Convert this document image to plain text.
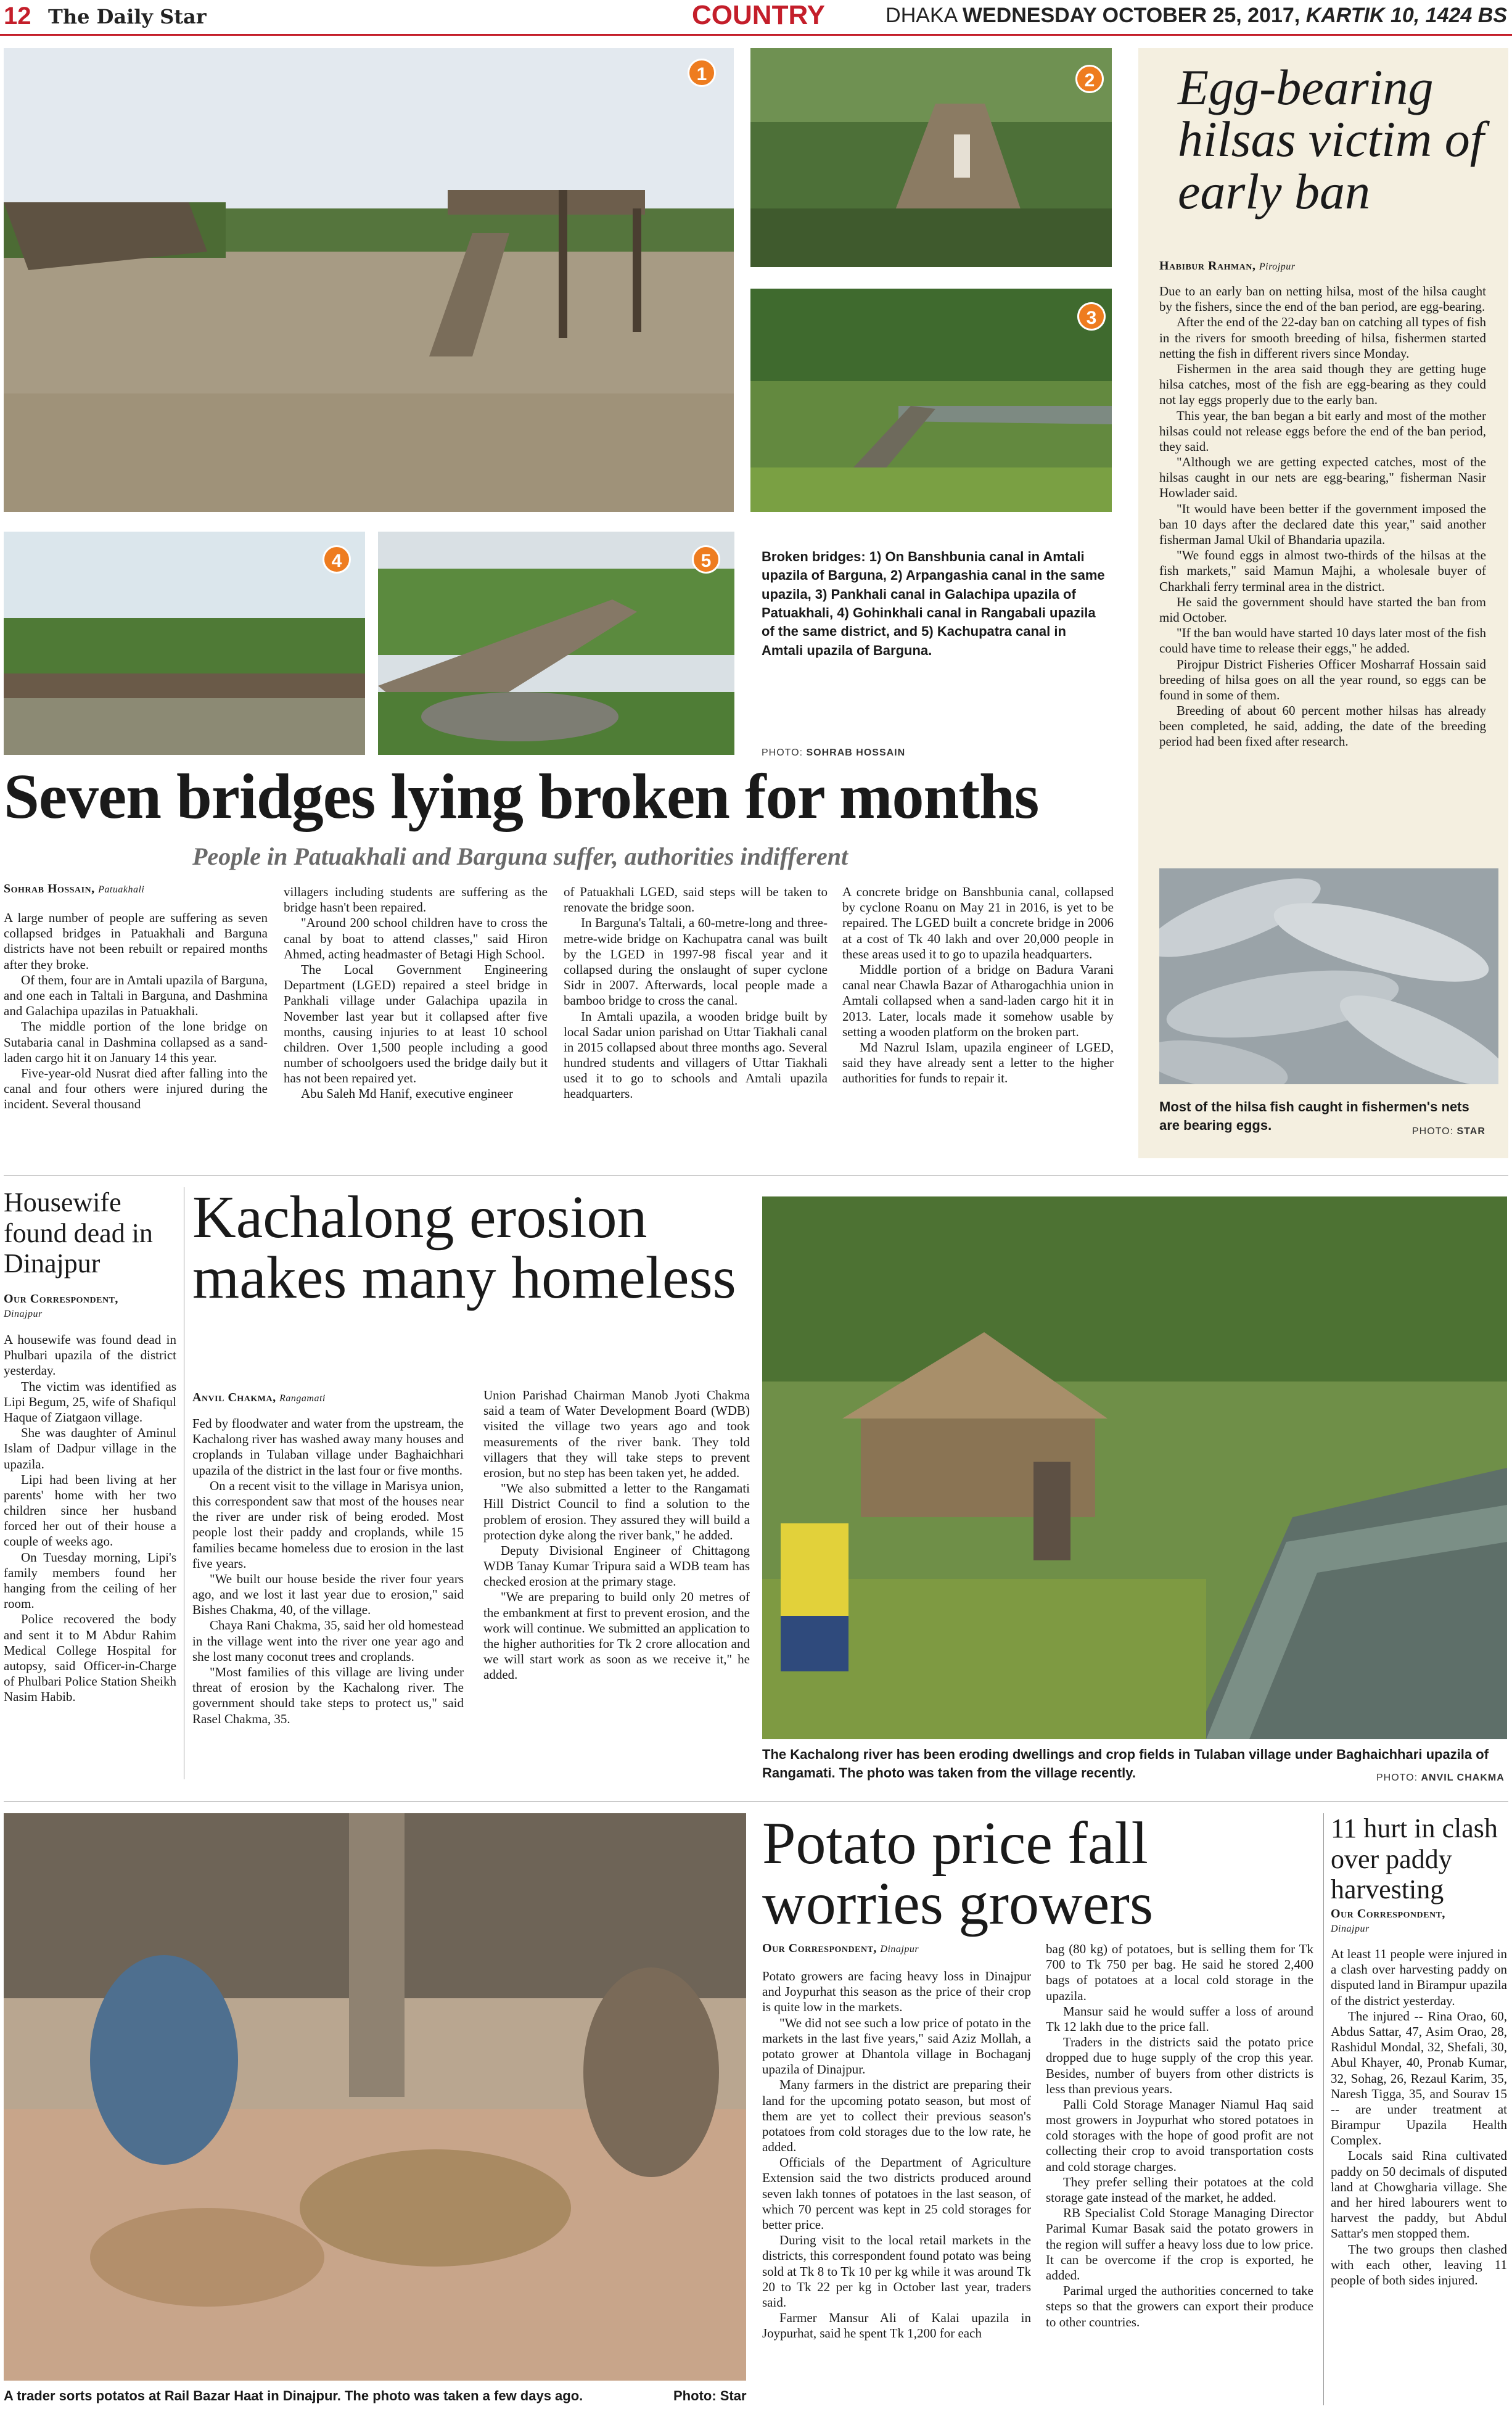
12 The Daily Star	COUNTRY	DHAKA WEDNESDAY OCTOBER 25, 2017, KARTIK 10, 1424 BS
1	2
3
4	5	Broken bridges: 1) On Banshbunia canal in Amtali upazila of Barguna, 2) Arpangashia canal in the same upazila, 3) Pankhali canal in Galachipa upazila of Patuakhali, 4) Gohinkhali canal in Rangabali upazila of the same district, and 5) Kachupatra canal in Amtali upazila of Barguna.
PHOTO: SOHRAB HOSSAIN
Seven bridges lying broken for months
People in Patuakhali and Barguna suffer, authorities indifferent
Sohrab Hossain, Patuakhali

A large number of people are suffering as seven collapsed bridges in Patuakhali and Barguna districts have not been rebuilt or repaired months after they broke.

Of them, four are in Amtali upazila of Barguna, and one each in Taltali in Barguna, and Dashmina and Galachipa upazilas in Patuakhali.

The middle portion of the lone bridge on Sutabaria canal in Dashmina collapsed as a sand-laden cargo hit it on January 14 this year.

Five-year-old Nusrat died after falling into the canal and four others were injured during the incident. Several thousand

villagers including students are suffering as the bridge hasn't been repaired.

"Around 200 school children have to cross the canal by boat to attend classes," said Hiron Ahmed, acting headmaster of Betagi High School.

The Local Government Engineering Department (LGED) repaired a steel bridge in Pankhali village under Galachipa upazila in November last year but it collapsed after five months, causing injuries to at least 10 school children. Over 1,500 people including a good number of schoolgoers used the bridge daily but it has not been repaired yet.

Abu Saleh Md Hanif, executive engineer

of Patuakhali LGED, said steps will be taken to renovate the bridge soon.

In Barguna's Taltali, a 60-metre-long and three-metre-wide bridge on Kachupatra canal was built by the LGED in 1997-98 fiscal year and it collapsed during the onslaught of super cyclone Sidr in 2007. Afterwards, local people made a bamboo bridge to cross the canal.

In Amtali upazila, a wooden bridge built by local Sadar union parishad on Uttar Tiakhali canal in 2015 collapsed about three months ago. Several hundred students and villagers of Uttar Tiakhali used it to go to schools and Amtali upazila headquarters.

A concrete bridge on Banshbunia canal, collapsed by cyclone Roanu on May 21 in 2016, is yet to be repaired. The LGED built a concrete bridge in 2006 at a cost of Tk 40 lakh and over 20,000 people in these areas used it to go to upazila headquarters.

Middle portion of a bridge on Badura Varani canal near Chawla Bazar of Atharogachhia union in Amtali collapsed when a sand-laden cargo hit it in 2013. Later, locals made it somehow usable by setting a wooden platform on the broken part.

Md Nazrul Islam, upazila engineer of LGED, said they have already sent a letter to the higher authorities for funds to repair it.

Egg-bearing hilsas victim of early ban
Habibur Rahman, Pirojpur

Due to an early ban on netting hilsa, most of the hilsa caught by the fishers, since the end of the ban period, are egg-bearing.

After the end of the 22-day ban on catching all types of fish in the rivers for smooth breeding of hilsa, fishermen started netting the fish in different rivers since Monday.

Fishermen in the area said though they are getting huge hilsa catches, most of the fish are egg-bearing as they could not lay eggs properly due to the early ban.

This year, the ban began a bit early and most of the mother hilsas could not release eggs before the end of the ban period, they said.

"Although we are getting expected catches, most of the hilsas caught in our nets are egg-bearing," fisherman Nasir Howlader said.

"It would have been better if the government imposed the ban 10 days after the declared date this year," said another fisherman Jamal Ukil of Bhandaria upazila.

"We found eggs in almost two-thirds of the hilsas at the fish markets," said Mamun Majhi, a wholesale buyer of Charkhali ferry terminal area in the district.

He said the government should have started the ban from mid October.

"If the ban would have started 10 days later most of the fish could have time to release their eggs," he added.

Pirojpur District Fisheries Officer Mosharraf Hossain said breeding of hilsa goes on all the year round, so eggs can be found in some of them.

Breeding of about 60 percent mother hilsas has already been completed, he said, adding, the date of the breeding period had been fixed after research.

Most of the hilsa fish caught in fishermen's nets are bearing eggs.	PHOTO: STAR
Housewife found dead in Dinajpur
Our Correspondent,
Dinajpur

A housewife was found dead in Phulbari upazila of the district yesterday.

The victim was identified as Lipi Begum, 25, wife of Shafiqul Haque of Ziatgaon village.

She was daughter of Aminul Islam of Dadpur village in the upazila.

Lipi had been living at her parents' home with her two children since her husband forced her out of their house a couple of weeks ago.

On Tuesday morning, Lipi's family members found her hanging from the ceiling of her room.

Police recovered the body and sent it to M Abdur Rahim Medical College Hospital for autopsy, said Officer-in-Charge of Phulbari Police Station Sheikh Nasim Habib.

Kachalong erosion makes many homeless
Anvil Chakma, Rangamati

Fed by floodwater and water from the upstream, the Kachalong river has washed away many houses and croplands in Tulaban village under Baghaichhari upazila of the district in the last four or five months.

On a recent visit to the village in Marisya union, this correspondent saw that most of the houses near the river are under risk of being eroded. Most people lost their paddy and croplands, while 15 families became homeless due to erosion in the last five years.

"We built our house beside the river four years ago, and we lost it last year due to erosion," said Bishes Chakma, 40, of the village.

Chaya Rani Chakma, 35, said her old homestead in the village went into the river one year ago and she lost many coconut trees and croplands.

"Most families of this village are living under threat of erosion by the Kachalong river. The government should take steps to protect us," said Rasel Chakma, 35.

Union Parishad Chairman Manob Jyoti Chakma said a team of Water Development Board (WDB) visited the village two years ago and took measurements of the river bank. They told villagers that they will take steps to prevent erosion, but no step has been taken yet, he added.

"We also submitted a letter to the Rangamati Hill District Council to find a solution to the problem of erosion. They assured they will build a protection dyke along the river bank," he added.

Deputy Divisional Engineer of Chittagong WDB Tanay Kumar Tripura said a WDB team has checked erosion at the primary stage.

"We are preparing to build only 20 metres of the embankment at first to prevent erosion, and the work will continue. We submitted an application to the higher authorities for Tk 2 crore allocation and we will start work as soon as we receive it," he added.

The Kachalong river has been eroding dwellings and crop fields in Tulaban village under Baghaichhari upazila of Rangamati. The photo was taken from the village recently.	PHOTO: ANVIL CHAKMA
A trader sorts potatos at Rail Bazar Haat in Dinajpur. The photo was taken a few days ago.	Photo: Star
Potato price fall worries growers
Our Correspondent, Dinajpur

Potato growers are facing heavy loss in Dinajpur and Joypurhat this season as the price of their crop is quite low in the markets.

"We did not see such a low price of potato in the markets in the last five years," said Aziz Mollah, a potato grower at Dhantola village in Bochaganj upazila of Dinajpur.

Many farmers in the district are preparing their land for the upcoming potato season, but most of them are yet to collect their previous season's potatoes from cold storages due to the low rate, he added.

Officials of the Department of Agriculture Extension said the two districts produced around seven lakh tonnes of potatoes in the last season, of which 70 percent was kept in 25 cold storages for better price.

During visit to the local retail markets in the districts, this correspondent found potato was being sold at Tk 8 to Tk 10 per kg while it was around Tk 20 to Tk 22 per kg in October last year, traders said.

Farmer Mansur Ali of Kalai upazila in Joypurhat, said he spent Tk 1,200 for each

bag (80 kg) of potatoes, but is selling them for Tk 700 to Tk 750 per bag. He said he stored 2,400 bags of potatoes at a local cold storage in the upazila.

Mansur said he would suffer a loss of around Tk 12 lakh due to the price fall.

Traders in the districts said the potato price dropped due to huge supply of the crop this year. Besides, number of buyers from other districts is less than previous years.

Palli Cold Storage Manager Niamul Haq said most growers in Joypurhat who stored potatoes in cold storages with the hope of good profit are not collecting their crop to avoid transportation costs and cold storage charges.

They prefer selling their potatoes at the cold storage gate instead of the market, he added.

RB Specialist Cold Storage Managing Director Parimal Kumar Basak said the potato growers in the region will suffer a heavy loss due to low price. It can be overcome if the crop is exported, he added.

Parimal urged the authorities concerned to take steps so that the growers can export their produce to other countries.

11 hurt in clash over paddy harvesting
Our Correspondent,
Dinajpur

At least 11 people were injured in a clash over harvesting paddy on disputed land in Birampur upazila of the district yesterday.

The injured -- Rina Orao, 60, Abdus Sattar, 47, Asim Orao, 28, Rashidul Mondal, 32, Shefali, 30, Abul Khayer, 40, Pronab Kumar, 32, Sohag, 26, Rezaul Karim, 35, Naresh Tigga, 35, and Sourav 15 -- are under treatment at Birampur Upazila Health Complex.

Locals said Rina cultivated paddy on 50 decimals of disputed land at Chowgharia village. She and her hired labourers went to harvest the paddy, but Abdul Sattar's men stopped them.

The two groups then clashed with each other, leaving 11 people of both sides injured.
